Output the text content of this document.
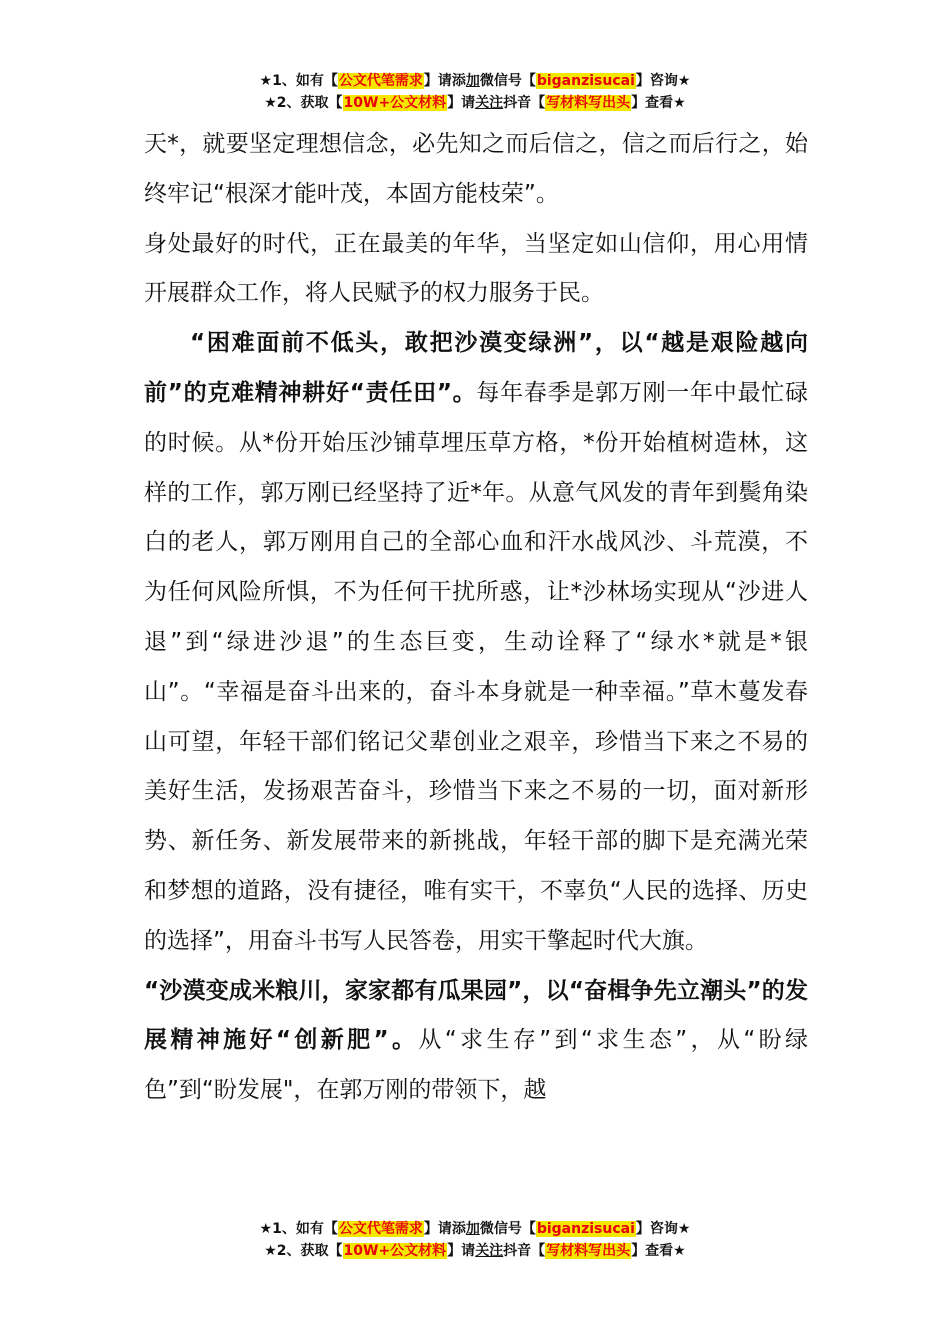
★1、如有【公文代笔需求】请添加微信号【biganzisucai】咨询★
★2、获取【10W+公文材料】请关注抖音【写材料写出头】查看★

天*，就要坚定理想信念，必先知之而后信之，信之而后行之，始终牢记“根深才能叶茂，本固方能枝荣”。

身处最好的时代，正在最美的年华，当坚定如山信仰，用心用情开展群众工作，将人民赋予的权力服务于民。

“困难面前不低头，敢把沙漠变绿洲”，以“越是艰险越向前”的克难精神耕好“责任田”。每年春季是郭万刚一年中最忙碌的时候。从*份开始压沙铺草埋压草方格，*份开始植树造林，这样的工作，郭万刚已经坚持了近*年。从意气风发的青年到鬓角染白的老人，郭万刚用自己的全部心血和汗水战风沙、斗荒漠，不为任何风险所惧，不为任何干扰所惑，让*沙林场实现从“沙进人退”到“绿进沙退”的生态巨变，生动诠释了“绿水*就是*银山”。“幸福是奋斗出来的，奋斗本身就是一种幸福。”草木蔓发春山可望，年轻干部们铭记父辈创业之艰辛，珍惜当下来之不易的美好生活，发扬艰苦奋斗，珍惜当下来之不易的一切，面对新形势、新任务、新发展带来的新挑战，年轻干部的脚下是充满光荣和梦想的道路，没有捷径，唯有实干，不辜负“人民的选择、历史的选择”，用奋斗书写人民答卷，用实干擎起时代大旗。

“沙漠变成米粮川，家家都有瓜果园”，以“奋楫争先立潮头”的发展精神施好“创新肥”。从“求生存”到“求生态”，从“盼绿色”到“盼发展"，在郭万刚的带领下，越

★1、如有【公文代笔需求】请添加微信号【biganzisucai】咨询★
★2、获取【10W+公文材料】请关注抖音【写材料写出头】查看★
